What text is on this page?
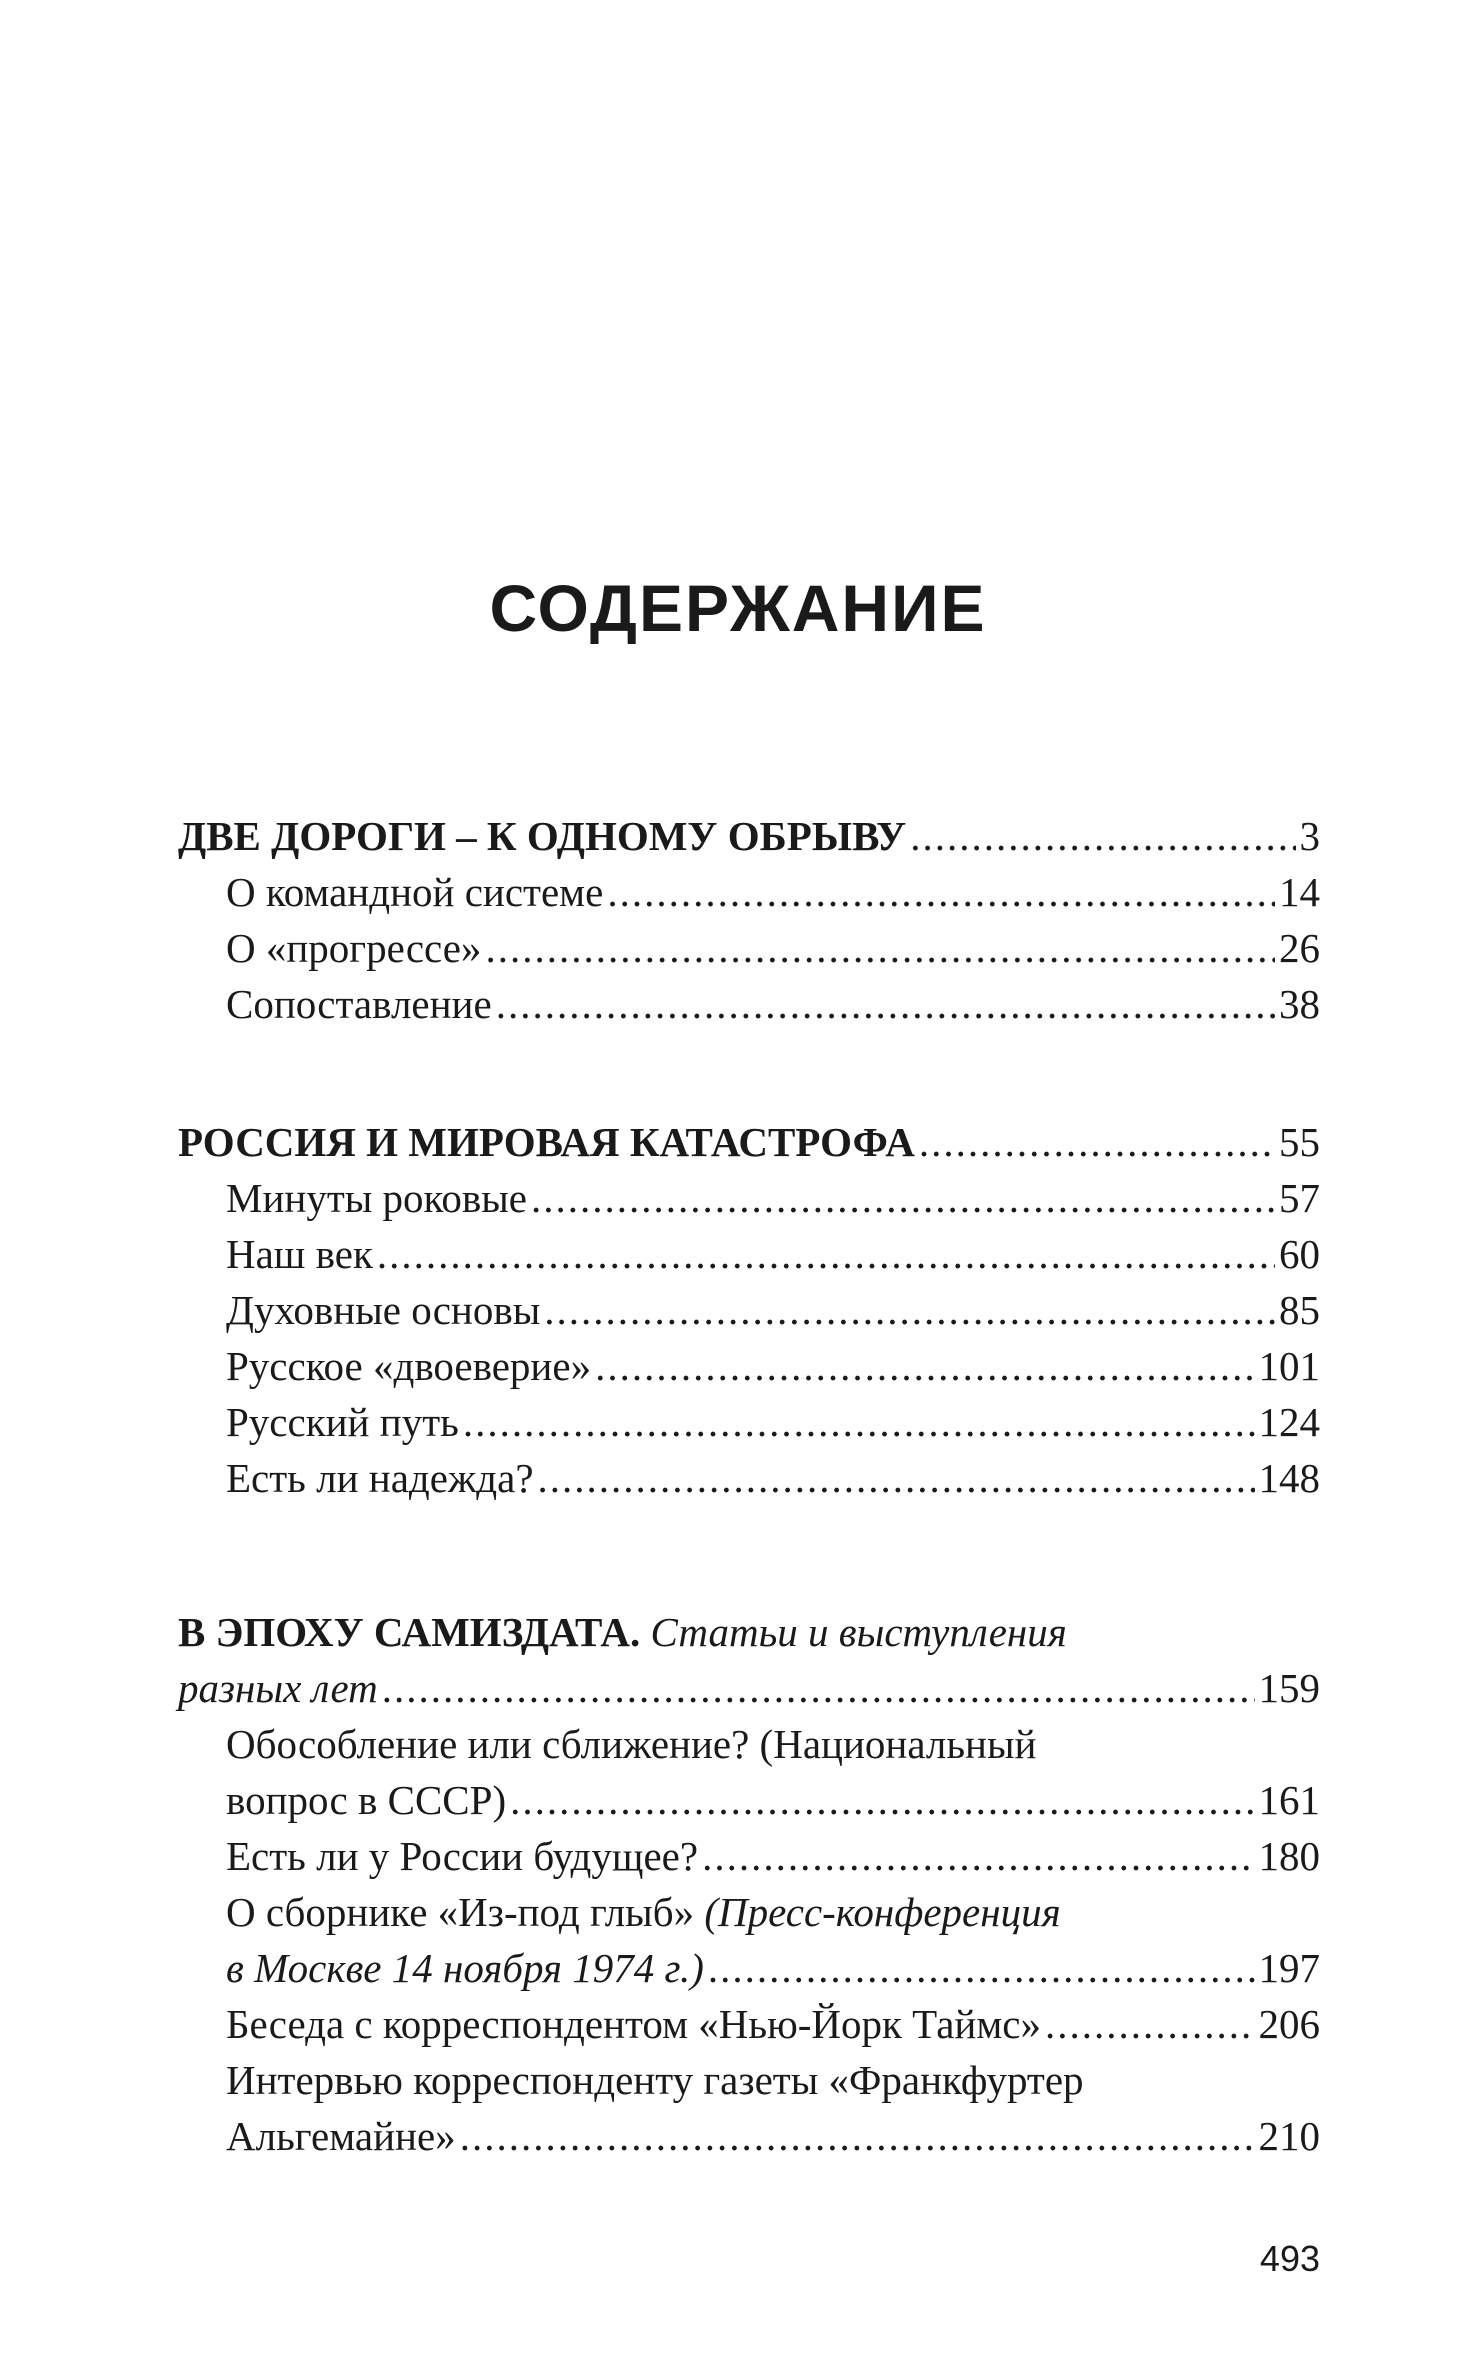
СОДЕРЖАНИЕ
ДВЕ ДОРОГИ – К ОДНОМУ ОБРЫВУ .....	3
О командной системе .....	14
О «прогрессе» .....	26
Сопоставление .....	38
РОССИЯ И МИРОВАЯ КАТАСТРОФА .....	55
Минуты роковые .....	57
Наш век .....	60
Духовные основы .....	85
Русское «двоеверие» .....	101
Русский путь .....	124
Есть ли надежда? .....	148
В ЭПОХУ САМИЗДАТА. Статьи и выступления
разных лет .....	159
Обособление или сближение? (Национальный
вопрос в СССР) .....	161
Есть ли у России будущее? .....	180
О сборнике «Из-под глыб» (Пресс-конференция
в Москве 14 ноября 1974 г.) .....	197
Беседа с корреспондентом «Нью-Йорк Таймс» .....	206
Интервью корреспонденту газеты «Франкфуртер
Альгемайне» .....	210
493
